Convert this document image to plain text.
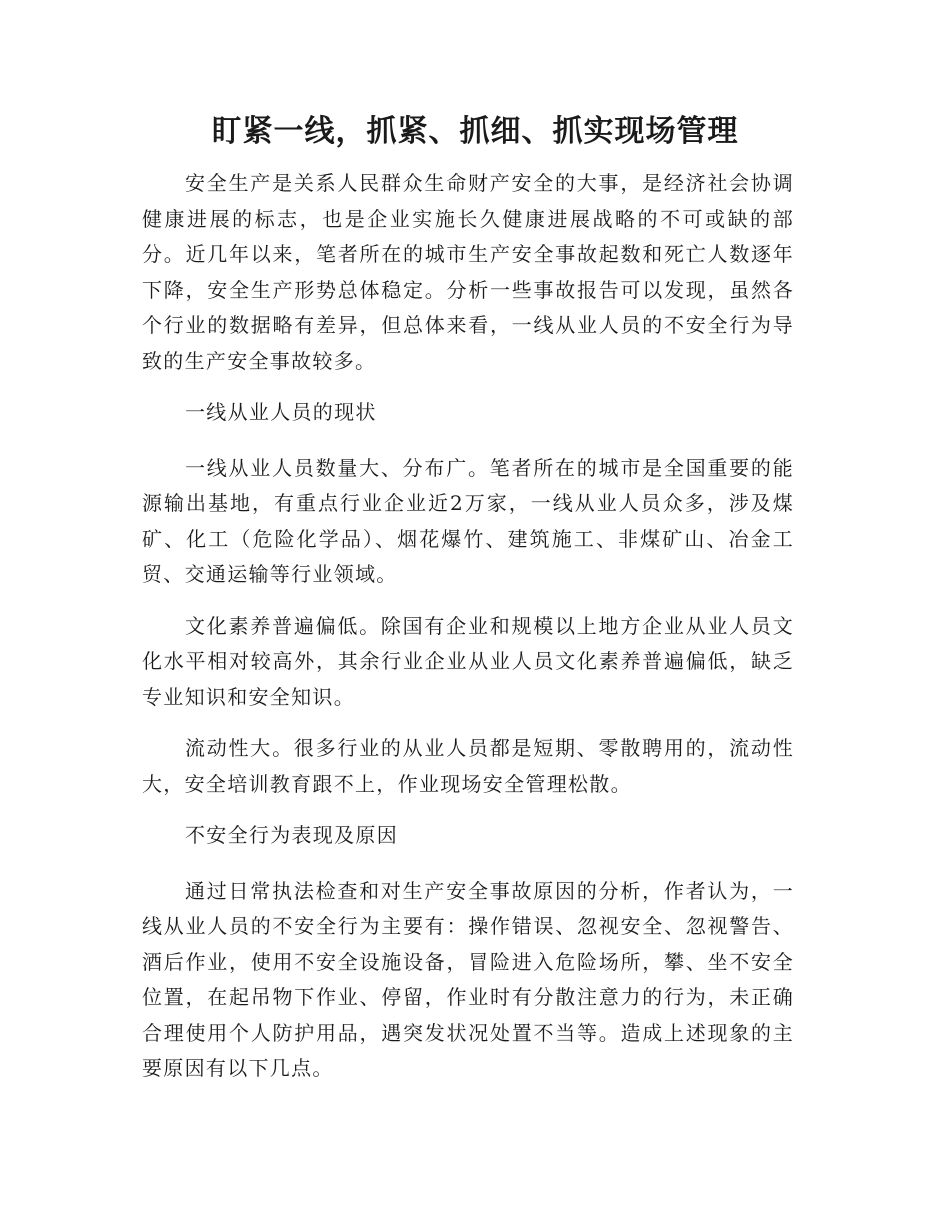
盯紧一线，抓紧、抓细、抓实现场管理

安全生产是关系人民群众生命财产安全的大事，是经济社会协调健康进展的标志，也是企业实施长久健康进展战略的不可或缺的部分。近几年以来，笔者所在的城市生产安全事故起数和死亡人数逐年下降，安全生产形势总体稳定。分析一些事故报告可以发现，虽然各个行业的数据略有差异，但总体来看，一线从业人员的不安全行为导致的生产安全事故较多。

一线从业人员的现状

一线从业人员数量大、分布广。笔者所在的城市是全国重要的能源输出基地，有重点行业企业近2万家，一线从业人员众多，涉及煤矿、化工（危险化学品）、烟花爆竹、建筑施工、非煤矿山、冶金工贸、交通运输等行业领域。

文化素养普遍偏低。除国有企业和规模以上地方企业从业人员文化水平相对较高外，其余行业企业从业人员文化素养普遍偏低，缺乏专业知识和安全知识。

流动性大。很多行业的从业人员都是短期、零散聘用的，流动性大，安全培训教育跟不上，作业现场安全管理松散。

不安全行为表现及原因

通过日常执法检查和对生产安全事故原因的分析，作者认为，一线从业人员的不安全行为主要有：操作错误、忽视安全、忽视警告、酒后作业，使用不安全设施设备，冒险进入危险场所，攀、坐不安全位置，在起吊物下作业、停留，作业时有分散注意力的行为，未正确合理使用个人防护用品，遇突发状况处置不当等。造成上述现象的主要原因有以下几点。
